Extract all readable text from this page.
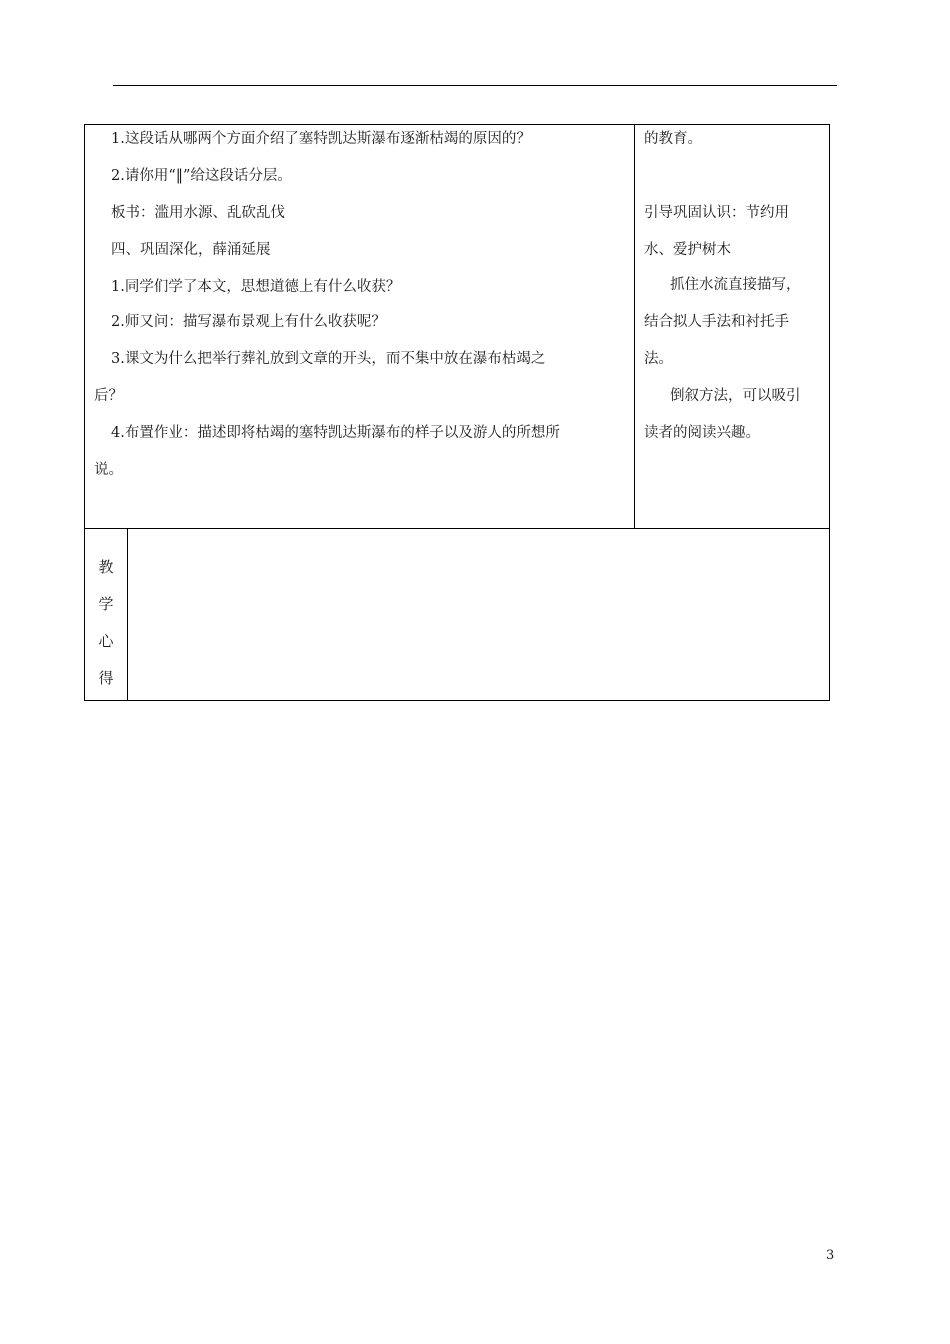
1.这段话从哪两个方面介绍了塞特凯达斯瀑布逐渐枯竭的原因的？
2.请你用“‖”给这段话分层。
板书：滥用水源、乱砍乱伐
四、巩固深化，薛涌延展
1.同学们学了本文，思想道德上有什么收获？
2.师又问：描写瀑布景观上有什么收获呢？
3.课文为什么把举行葬礼放到文章的开头，而不集中放在瀑布枯竭之
后？
4.布置作业：描述即将枯竭的塞特凯达斯瀑布的样子以及游人的所想所
说。
的教育。
引导巩固认识：节约用
水、爱护树木
抓住水流直接描写，
结合拟人手法和衬托手
法。
倒叙方法，可以吸引
读者的阅读兴趣。
教
学
心
得
3
